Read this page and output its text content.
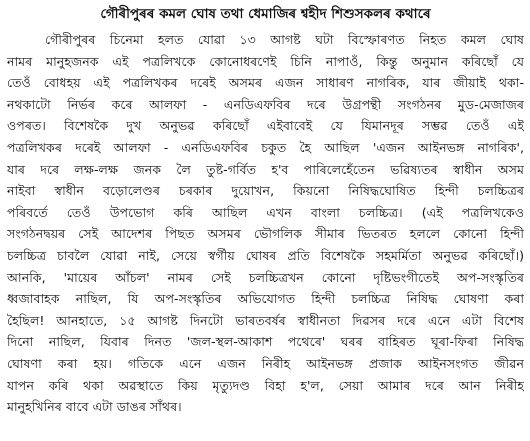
গৌৰীপুৰৰ কমল ঘোষ তথা ধেমাজিৰ শ্বহীদ শিশুসকলৰ কথাৰে
গৌৰীপুৰৰ চিনেমা হলত যোৱা ১৩ আগষ্ট ঘটা বিস্ফোৰণত নিহত কমল ঘোষ
নামৰ মানুহজনক এই পত্ৰলিখকে কোনোধৰণেই চিনি নাপাওঁ, কিন্তু অনুমান কৰিছোঁ যে
তেওঁ বোধহয় এই পত্ৰলিখকৰ দৰেই অসমৰ এজন সাধাৰণ নাগৰিক, যাৰ জীয়াই থকা-
নথকাটো নিৰ্ভৰ কৰে আলফা - এনডিএফবিৰ দৰে উগ্ৰপন্থী সংগঠনৰ মুড-মেজাজৰ
ওপৰত। বিশেষকৈ দুখ অনুভৱ কৰিছোঁ এইবাবেই যে যিমানদূৰ সম্ভৱ তেওঁ এই
পত্ৰলিখকৰ দৰেই আলফা - এনডিএফবিৰ চকুত হৈ আছিল 'এজন আইনভঙ্গ নাগৰিক',
যাৰ দৰে লক্ষ-লক্ষ জনক লৈ তুষ্ট-গৰ্বিত হ'ব পাৰিলেহেঁতেন ভৱিষ্যতৰ স্বাধীন অসম
নাইবা স্বাধীন বড়োলেণ্ডৰ চৰকাৰ দুয়োখন, কিয়নো নিষিদ্ধঘোষিত হিন্দী চলচ্চিত্ৰৰ
পৰিবৰ্তে তেওঁ উপভোগ কৰি আছিল এখন বাংলা চলচ্চিত্ৰ। (এই পত্ৰলিখকেও
সংগঠনদ্বয়ৰ সেই আদেশৰ পিছত অসমৰ ভৌগলিক সীমাৰ ভিতৰত হললে কোনো হিন্দী
চলচ্চিত্ৰ চাবলৈ যোৱা নাই, সেয়ে স্বৰ্গীয় ঘোষৰ প্ৰতি বিশেষকৈ সহমৰ্মিতা অনুভৱ কৰিছোঁ।)
আনকি, 'মায়েৰ আঁচল' নামৰ সেই চলচ্চিত্ৰখন কোনো দৃষ্টিভংগীতেই অপ-সংস্কৃতিৰ
ধ্বজাবাহক নাছিল, যি অপ-সংস্কৃতিৰ অভিযোগত হিন্দী চলচ্চিত্ৰ নিষিদ্ধ ঘোষণা কৰা
হৈছিল! আনহাতে, ১৫ আগষ্ট দিনটো ভাৰতবৰ্ষৰ স্বাধীনতা দিৱসৰ দৰে এনে এটা বিশেষ
দিনো নাছিল, যিবাৰ দিনত 'জল-স্থল-আকাশ পথেৰে' ঘৰৰ বাহিৰত ঘূৰা-ফিৰা নিষিদ্ধ
ঘোষণা কৰা হয়। গতিকে এনে এজন নিৰীহ আইনভঙ্গ প্ৰজাক আইনসংগত জীৱন
যাপন কৰি থকা অৱস্থাতে কিয় মৃত্যুদণ্ড বিহা হ'ল, সেয়া আমাৰ দৰে আন নিৰীহ
মানুহখিনিৰ বাবে এটা ডাঙৰ সাঁথৰ।
